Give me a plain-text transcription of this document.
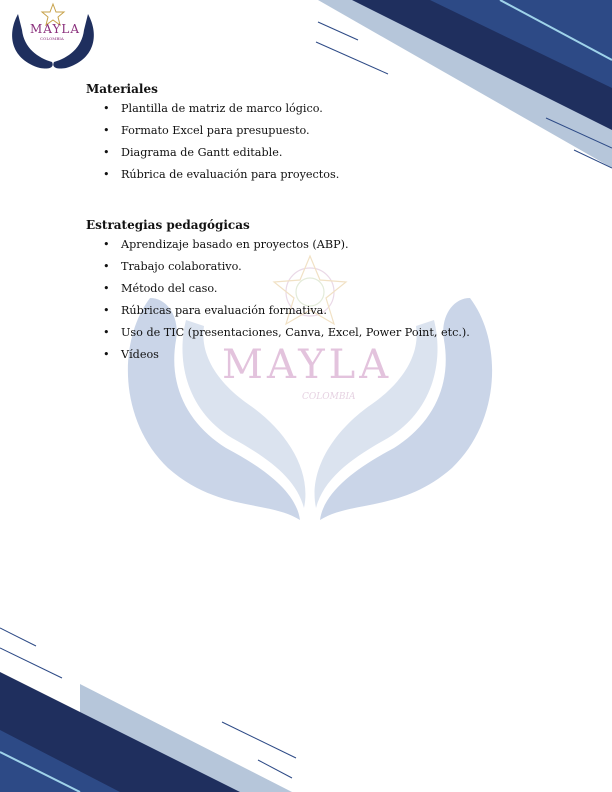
MAYLA
COLOMBIA
MAYLA
COLOMBIA
Materiales
• Plantilla de matriz de marco lógico.
• Formato Excel para presupuesto.
• Diagrama de Gantt editable.
• Rúbrica de evaluación para proyectos.
Estrategias pedagógicas
• Aprendizaje basado en proyectos (ABP).
• Trabajo colaborativo.
• Método del caso.
• Rúbricas para evaluación formativa.
• Uso de TIC (presentaciones, Canva, Excel, Power Point, etc.).
• Vídeos
